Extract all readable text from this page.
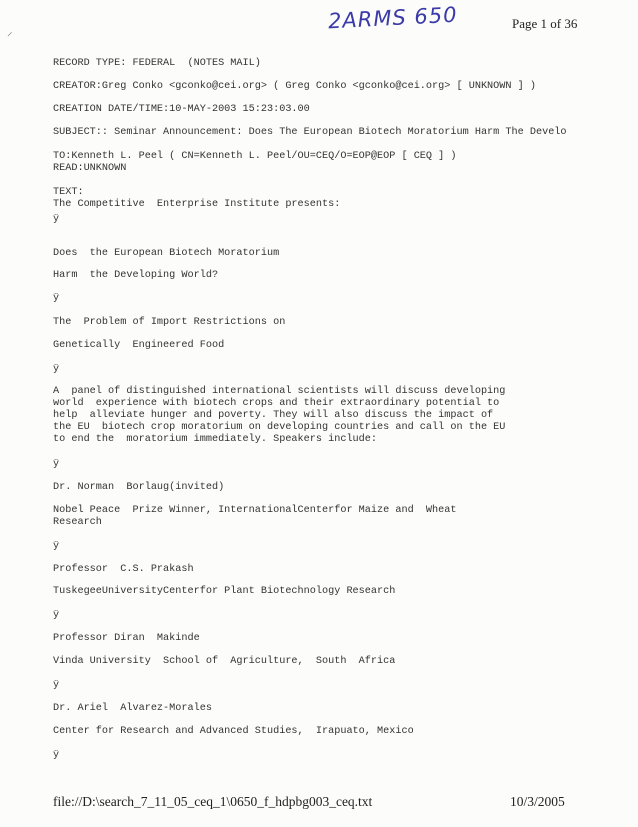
2ARMS 650	Page 1 of 36
⸍
RECORD TYPE: FEDERAL  (NOTES MAIL)
CREATOR:Greg Conko <gconko@cei.org> ( Greg Conko <gconko@cei.org> [ UNKNOWN ] )
CREATION DATE/TIME:10-MAY-2003 15:23:03.00
SUBJECT:: Seminar Announcement: Does The European Biotech Moratorium Harm The Develo
TO:Kenneth L. Peel ( CN=Kenneth L. Peel/OU=CEQ/O=EOP@EOP [ CEQ ] )
READ:UNKNOWN
TEXT:
The Competitive  Enterprise Institute presents:
ÿ
Does  the European Biotech Moratorium
Harm  the Developing World?
ÿ
The  Problem of Import Restrictions on
Genetically  Engineered Food
ÿ
A  panel of distinguished international scientists will discuss developing
world  experience with biotech crops and their extraordinary potential to
help  alleviate hunger and poverty. They will also discuss the impact of
the EU  biotech crop moratorium on developing countries and call on the EU
to end the  moratorium immediately. Speakers include:
ÿ
Dr. Norman  Borlaug(invited)
Nobel Peace  Prize Winner, InternationalCenterfor Maize and  Wheat
Research
ÿ
Professor  C.S. Prakash
TuskegeeUniversityCenterfor Plant Biotechnology Research
ÿ
Professor Diran  Makinde
Vinda University  School of  Agriculture,  South  Africa
ÿ
Dr. Ariel  Alvarez-Morales
Center for Research and Advanced Studies,  Irapuato, Mexico
ÿ
file://D:\search_7_11_05_ceq_1\0650_f_hdpbg003_ceq.txt	10/3/2005
